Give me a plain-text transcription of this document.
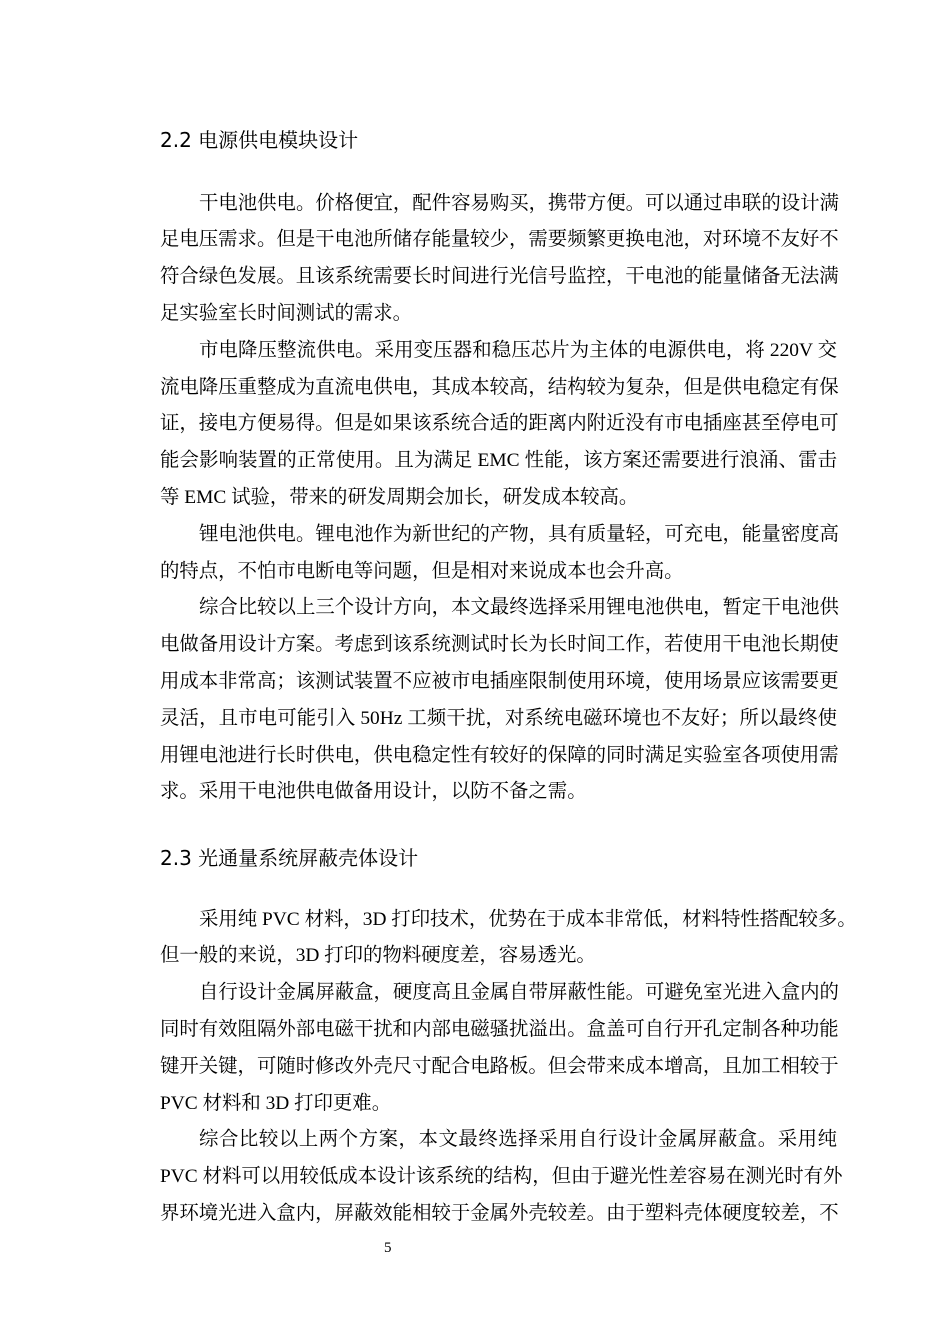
2.2 电源供电模块设计
干电池供电。价格便宜，配件容易购买，携带方便。可以通过串联的设计满
足电压需求。但是干电池所储存能量较少，需要频繁更换电池，对环境不友好不
符合绿色发展。且该系统需要长时间进行光信号监控，干电池的能量储备无法满
足实验室长时间测试的需求。
市电降压整流供电。采用变压器和稳压芯片为主体的电源供电，将 220V 交
流电降压重整成为直流电供电，其成本较高，结构较为复杂，但是供电稳定有保
证，接电方便易得。但是如果该系统合适的距离内附近没有市电插座甚至停电可
能会影响装置的正常使用。且为满足 EMC 性能，该方案还需要进行浪涌、雷击
等 EMC 试验，带来的研发周期会加长，研发成本较高。
锂电池供电。锂电池作为新世纪的产物，具有质量轻，可充电，能量密度高
的特点，不怕市电断电等问题，但是相对来说成本也会升高。
综合比较以上三个设计方向，本文最终选择采用锂电池供电，暂定干电池供
电做备用设计方案。考虑到该系统测试时长为长时间工作，若使用干电池长期使
用成本非常高；该测试装置不应被市电插座限制使用环境，使用场景应该需要更
灵活，且市电可能引入 50Hz 工频干扰，对系统电磁环境也不友好；所以最终使
用锂电池进行长时供电，供电稳定性有较好的保障的同时满足实验室各项使用需
求。采用干电池供电做备用设计，以防不备之需。
2.3 光通量系统屏蔽壳体设计
采用纯 PVC 材料，3D 打印技术，优势在于成本非常低，材料特性搭配较多。
但一般的来说，3D 打印的物料硬度差，容易透光。
自行设计金属屏蔽盒，硬度高且金属自带屏蔽性能。可避免室光进入盒内的
同时有效阻隔外部电磁干扰和内部电磁骚扰溢出。盒盖可自行开孔定制各种功能
键开关键，可随时修改外壳尺寸配合电路板。但会带来成本增高，且加工相较于
PVC 材料和 3D 打印更难。
综合比较以上两个方案，本文最终选择采用自行设计金属屏蔽盒。采用纯
PVC 材料可以用较低成本设计该系统的结构，但由于避光性差容易在测光时有外
界环境光进入盒内，屏蔽效能相较于金属外壳较差。由于塑料壳体硬度较差，不
5
